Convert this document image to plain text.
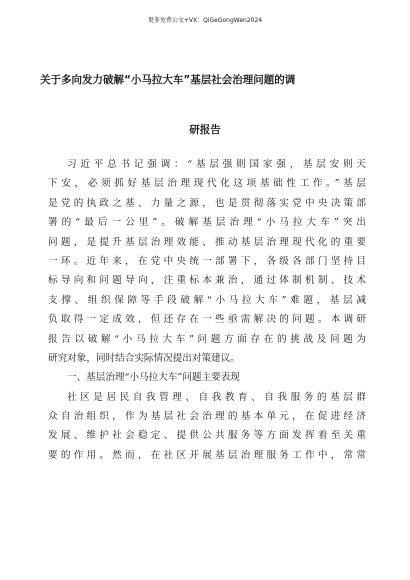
更多免费公文+VX：QiGeGongWen2024
关于多向发力破解“小马拉大车”基层社会治理问题的调
研报告
习近平总书记强调：“基层强则国家强，基层安则天
下安，必须抓好基层治理现代化这项基础性工作。”基层
是党的执政之基、力量之源，也是贯彻落实党中央决策部
署的“最后一公里”。破解基层治理“小马拉大车”突出
问题，是提升基层治理效能、推动基层治理现代化的重要
一环。近年来，在党中央统一部署下，各级各部门坚持目
标导向和问题导向，注重标本兼治，通过体制机制、技术
支撑、组织保障等手段破解“小马拉大车”难题，基层减
负取得一定成效，但还存在一些亟需解决的问题。本调研
报告以破解“小马拉大车”问题方面存在的挑战及问题为
研究对象，同时结合实际情况提出对策建议。
一、基层治理“小马拉大车”问题主要表现
社区是居民自我管理、自我教育、自我服务的基层群
众自治组织，作为基层社会治理的基本单元，在促进经济
发展、维护社会稳定、提供公共服务等方面发挥着至关重
要的作用。然而，在社区开展基层治理服务工作中，常常
